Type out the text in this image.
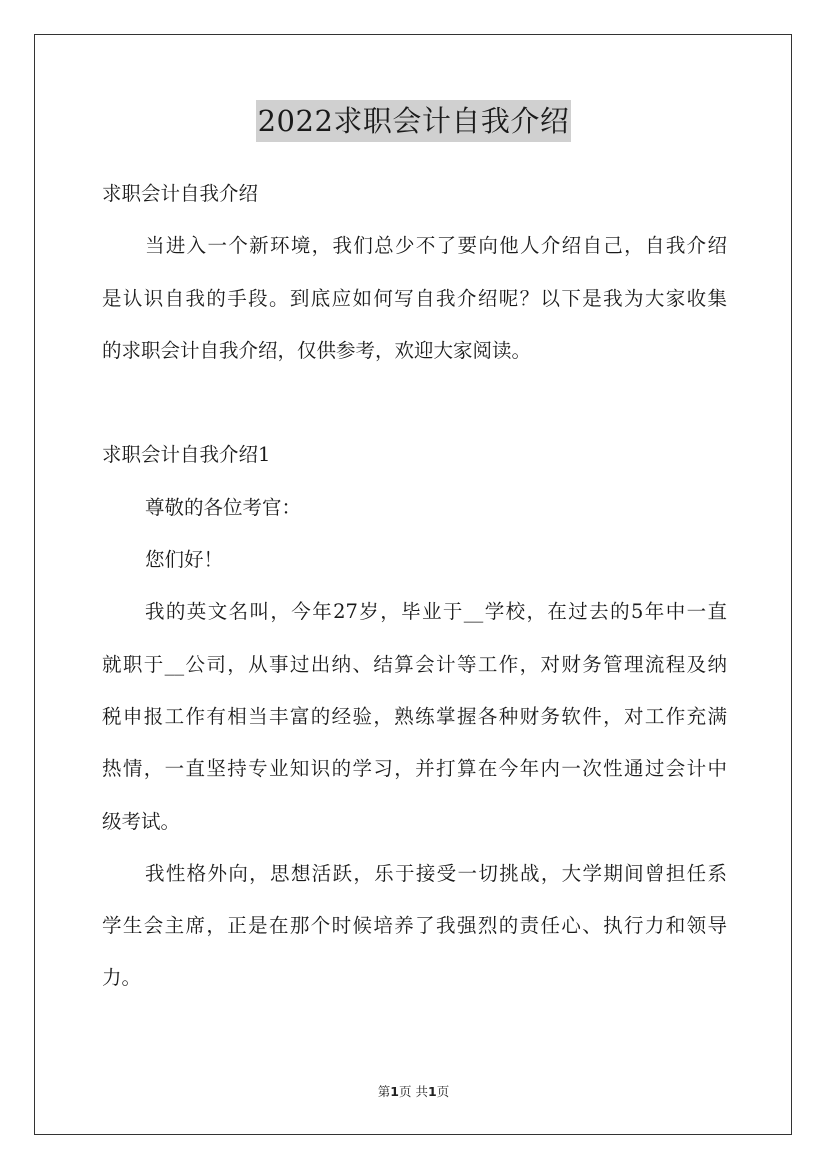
2022求职会计自我介绍
求职会计自我介绍
当进入一个新环境，我们总少不了要向他人介绍自己，自我介绍
是认识自我的手段。到底应如何写自我介绍呢？以下是我为大家收集
的求职会计自我介绍，仅供参考，欢迎大家阅读。
求职会计自我介绍1
尊敬的各位考官：
您们好！
我的英文名叫，今年27岁，毕业于__学校，在过去的5年中一直
就职于__公司，从事过出纳、结算会计等工作，对财务管理流程及纳
税申报工作有相当丰富的经验，熟练掌握各种财务软件，对工作充满
热情，一直坚持专业知识的学习，并打算在今年内一次性通过会计中
级考试。
我性格外向，思想活跃，乐于接受一切挑战，大学期间曾担任系
学生会主席，正是在那个时候培养了我强烈的责任心、执行力和领导
力。
第1页 共1页
